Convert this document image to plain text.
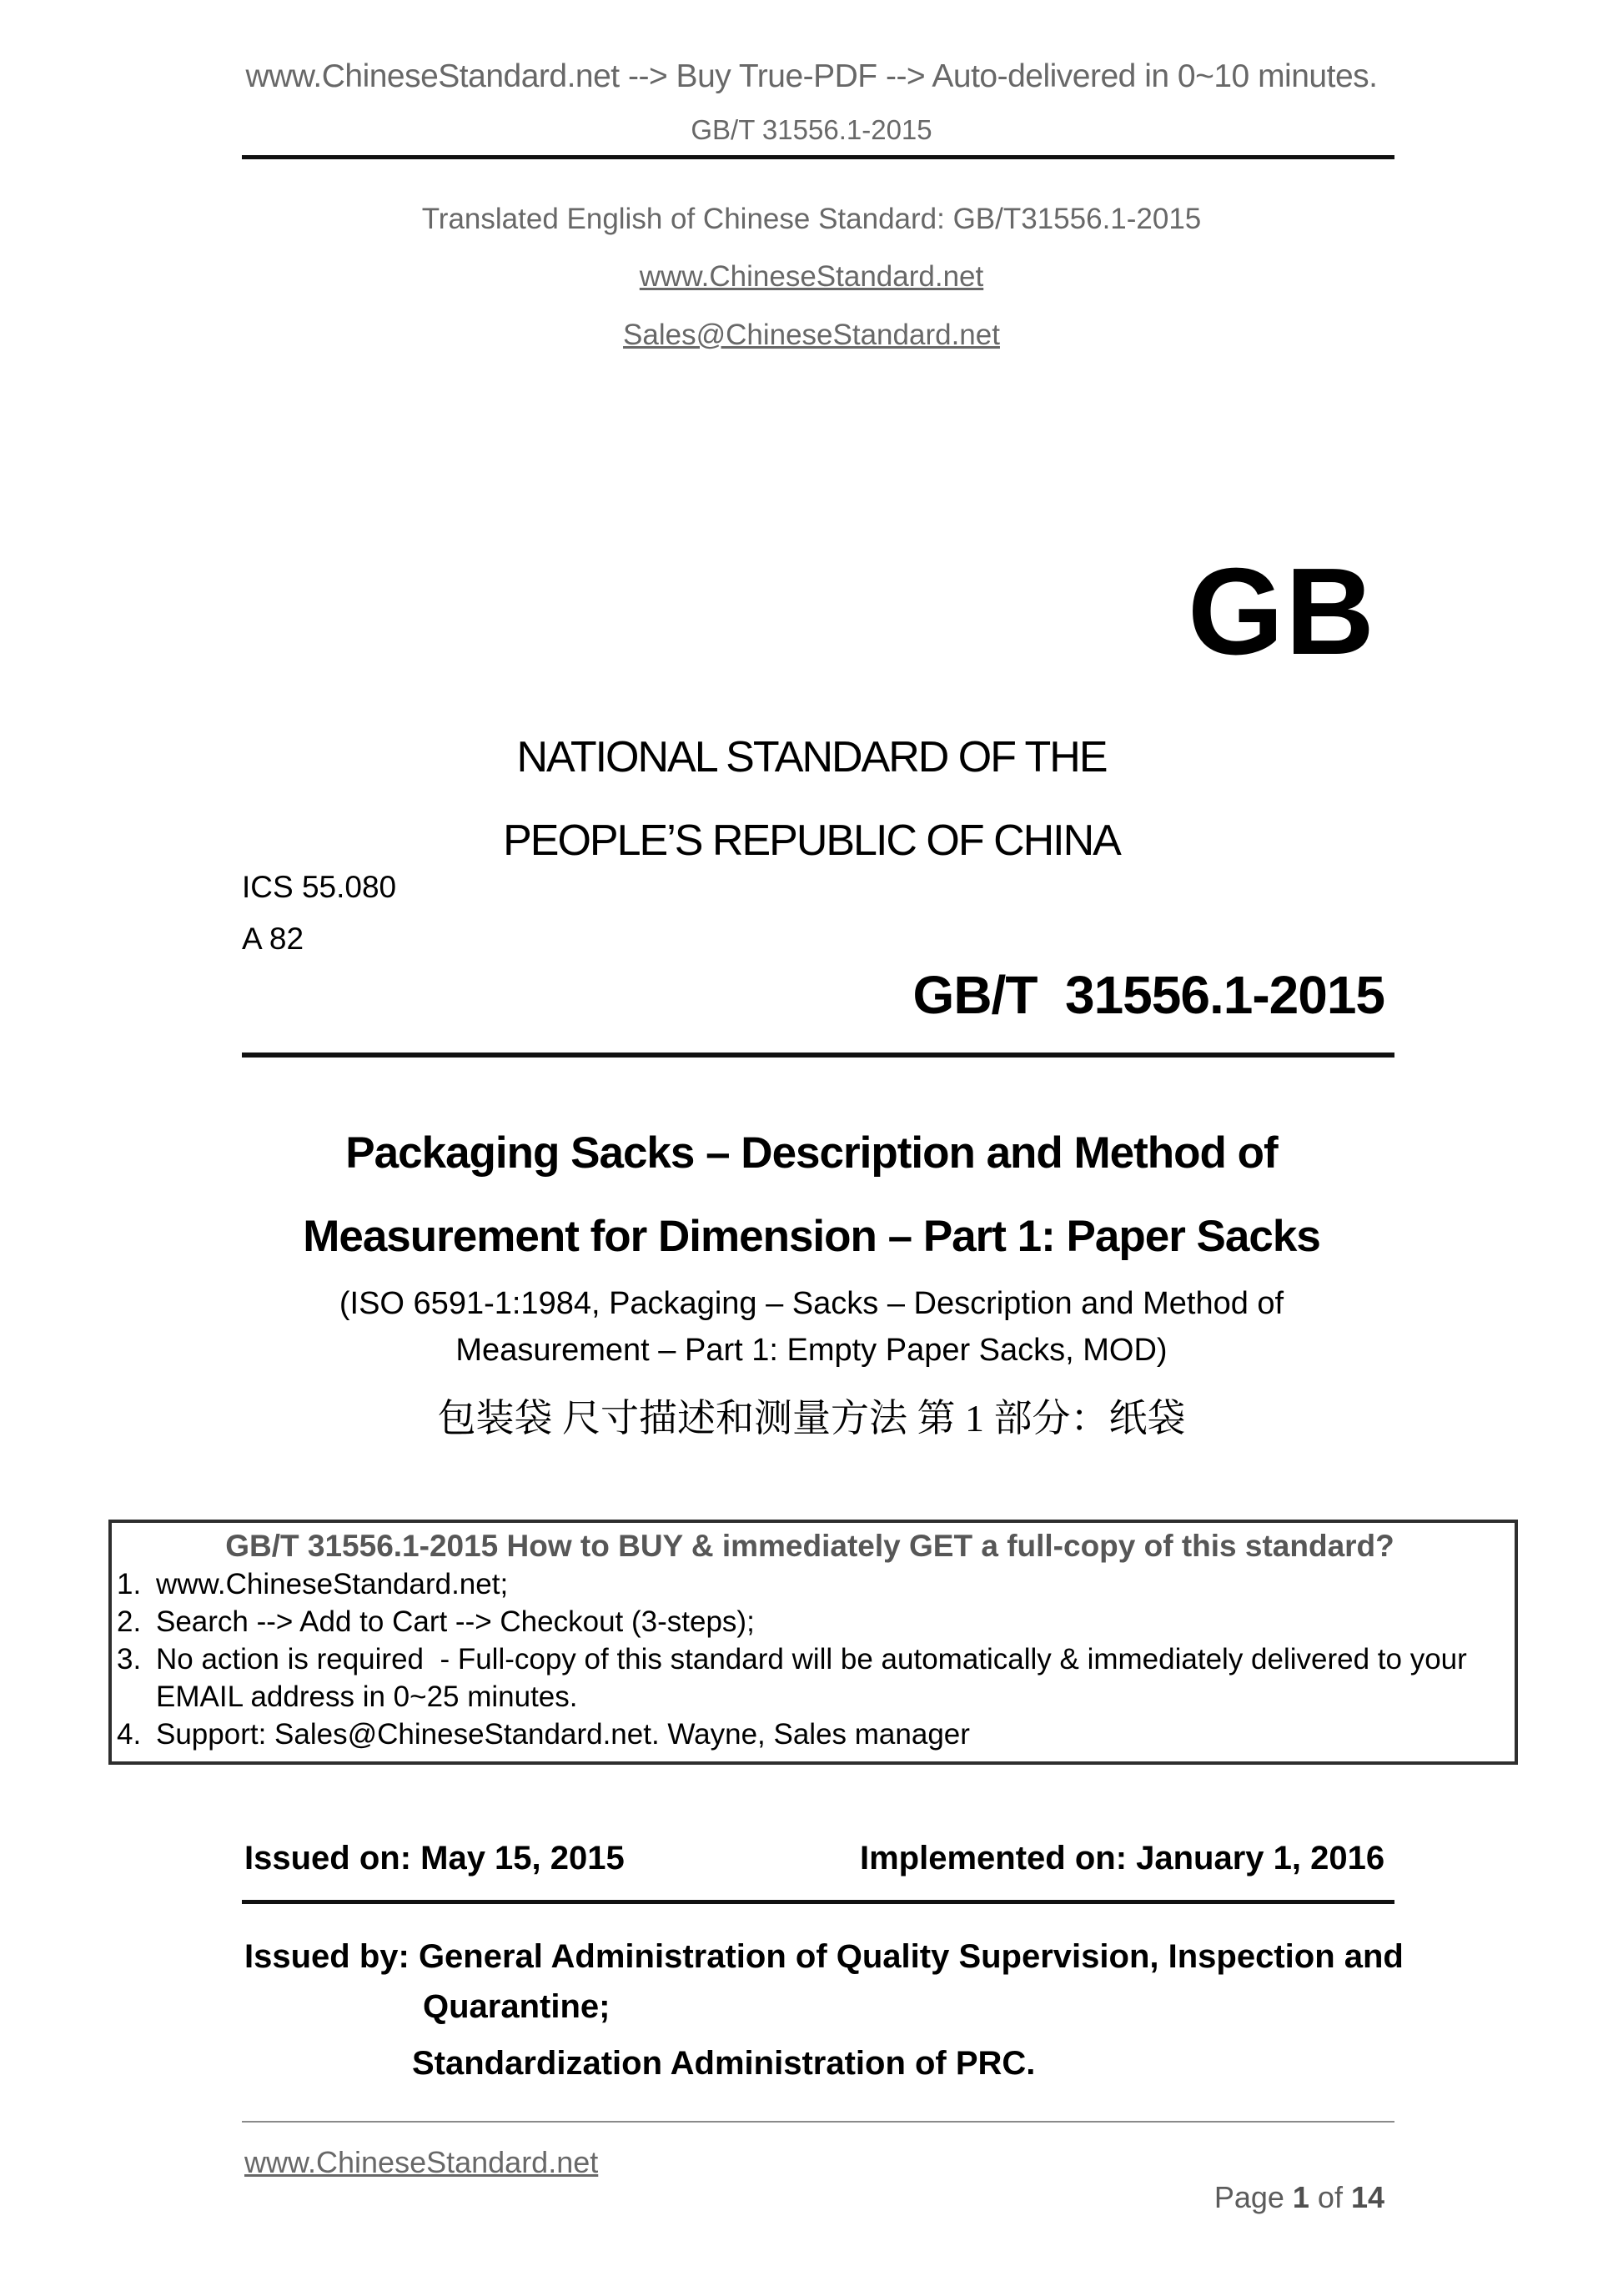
www.ChineseStandard.net --> Buy True-PDF --> Auto-delivered in 0~10 minutes.
GB/T 31556.1-2015
Translated English of Chinese Standard: GB/T31556.1-2015
www.ChineseStandard.net
Sales@ChineseStandard.net
GB
NATIONAL STANDARD OF THE
PEOPLE’S REPUBLIC OF CHINA
ICS 55.080
A 82
GB/T  31556.1-2015
Packaging Sacks – Description and Method of
Measurement for Dimension – Part 1: Paper Sacks
(ISO 6591-1:1984, Packaging – Sacks – Description and Method of
Measurement – Part 1: Empty Paper Sacks, MOD)
包装袋 尺寸描述和测量方法 第 1 部分：纸袋
GB/T 31556.1-2015 How to BUY & immediately GET a full-copy of this standard?
1. www.ChineseStandard.net;
2. Search --> Add to Cart --> Checkout (3-steps);
3. No action is required  - Full-copy of this standard will be automatically & immediately delivered to your EMAIL address in 0~25 minutes.
4. Support: Sales@ChineseStandard.net. Wayne, Sales manager
Issued on: May 15, 2015	Implemented on: January 1, 2016
Issued by: General Administration of Quality Supervision, Inspection and
Quarantine;
Standardization Administration of PRC.
www.ChineseStandard.net

Page 1 of 14
